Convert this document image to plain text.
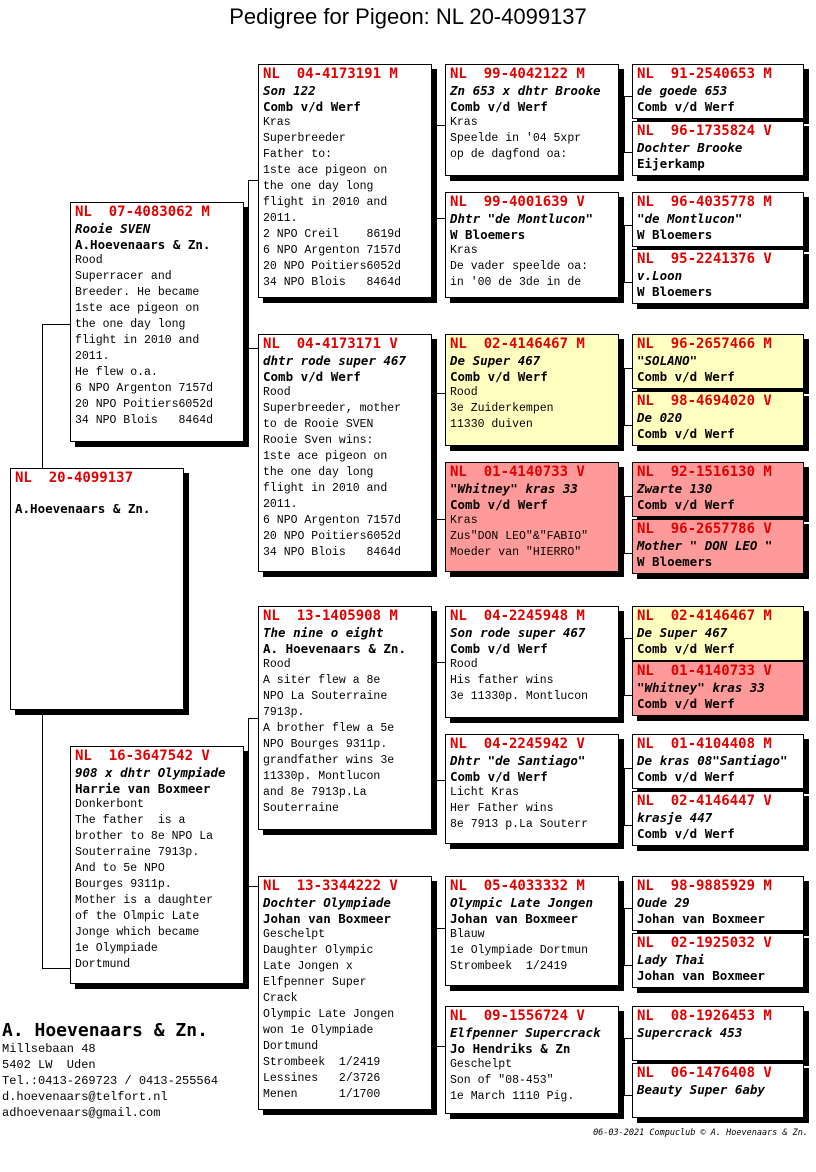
Pedigree for Pigeon: NL 20-4099137
NL  20-4099137
A.Hoevenaars & Zn.
NL  07-4083062 M
Rooie SVEN
A.Hoevenaars & Zn.
Rood
Superracer and
Breeder. He became
1ste ace pigeon on
the one day long
flight in 2010 and
2011.
He flew o.a.
6 NPO Argenton 7157d
20 NPO Poitiers6052d
34 NPO Blois   8464d
NL  16-3647542 V
908 x dhtr Olympiade
Harrie van Boxmeer
Donkerbont
The father  is a
brother to 8e NPO La
Souterraine 7913p.
And to 5e NPO
Bourges 9311p.
Mother is a daughter
of the Olmpic Late
Jonge which became
1e Olympiade
Dortmund
NL  04-4173191 M
Son 122
Comb v/d Werf
Kras
Superbreeder
Father to:
1ste ace pigeon on
the one day long
flight in 2010 and
2011.
2 NPO Creil    8619d
6 NPO Argenton 7157d
20 NPO Poitiers6052d
34 NPO Blois   8464d
NL  04-4173171 V
dhtr rode super 467
Comb v/d Werf
Rood
Superbreeder, mother
to de Rooie SVEN
Rooie Sven wins:
1ste ace pigeon on
the one day long
flight in 2010 and
2011.
6 NPO Argenton 7157d
20 NPO Poitiers6052d
34 NPO Blois   8464d
NL  13-1405908 M
The nine o eight
A. Hoevenaars & Zn.
Rood
A siter flew a 8e
NPO La Souterraine
7913p.
A brother flew a 5e
NPO Bourges 9311p.
grandfather wins 3e
11330p. Montlucon
and 8e 7913p.La
Souterraine
NL  13-3344222 V
Dochter Olympiade
Johan van Boxmeer
Geschelpt
Daughter Olympic
Late Jongen x
Elfpenner Super
Crack
Olympic Late Jongen
won 1e Olympiade
Dortmund
Strombeek  1/2419
Lessines   2/3726
Menen      1/1700
NL  99-4042122 M
Zn 653 x dhtr Brooke
Comb v/d Werf
Kras
Speelde in '04 5xpr
op de dagfond oa:
NL  99-4001639 V
Dhtr "de Montlucon"
W Bloemers
Kras
De vader speelde oa:
in '00 de 3de in de
NL  02-4146467 M
De Super 467
Comb v/d Werf
Rood
3e Zuiderkempen
11330 duiven
NL  01-4140733 V
"Whitney" kras 33
Comb v/d Werf
Kras
Zus"DON LEO"&"FABIO"
Moeder van "HIERRO"
NL  04-2245948 M
Son rode super 467
Comb v/d Werf
Rood
His father wins
3e 11330p. Montlucon
NL  04-2245942 V
Dhtr "de Santiago"
Comb v/d Werf
Licht Kras
Her Father wins
8e 7913 p.La Souterr
NL  05-4033332 M
Olympic Late Jongen
Johan van Boxmeer
Blauw
1e Olympiade Dortmun
Strombeek  1/2419
NL  09-1556724 V
Elfpenner Supercrack
Jo Hendriks & Zn
Geschelpt
Son of "08-453"
1e March 1110 Pig.
NL  91-2540653 M
de goede 653
Comb v/d Werf
NL  96-1735824 V
Dochter Brooke
Eijerkamp
NL  96-4035778 M
"de Montlucon"
W Bloemers
NL  95-2241376 V
v.Loon
W Bloemers
NL  96-2657466 M
"SOLANO"
Comb v/d Werf
NL  98-4694020 V
De 020
Comb v/d Werf
NL  92-1516130 M
Zwarte 130
Comb v/d Werf
NL  96-2657786 V
Mother " DON LEO "
W Bloemers
NL  02-4146467 M
De Super 467
Comb v/d Werf
NL  01-4140733 V
"Whitney" kras 33
Comb v/d Werf
NL  01-4104408 M
De kras 08"Santiago"
Comb v/d Werf
NL  02-4146447 V
krasje 447
Comb v/d Werf
NL  98-9885929 M
Oude 29
Johan van Boxmeer
NL  02-1925032 V
Lady Thai
Johan van Boxmeer
NL  08-1926453 M
Supercrack 453
NL  06-1476408 V
Beauty Super 6aby
A. Hoevenaars & Zn.
Millsebaan 48
5402 LW  Uden
Tel.:0413-269723 / 0413-255564
d.hoevenaars@telfort.nl
adhoevenaars@gmail.com
06-03-2021 Compuclub © A. Hoevenaars & Zn.
